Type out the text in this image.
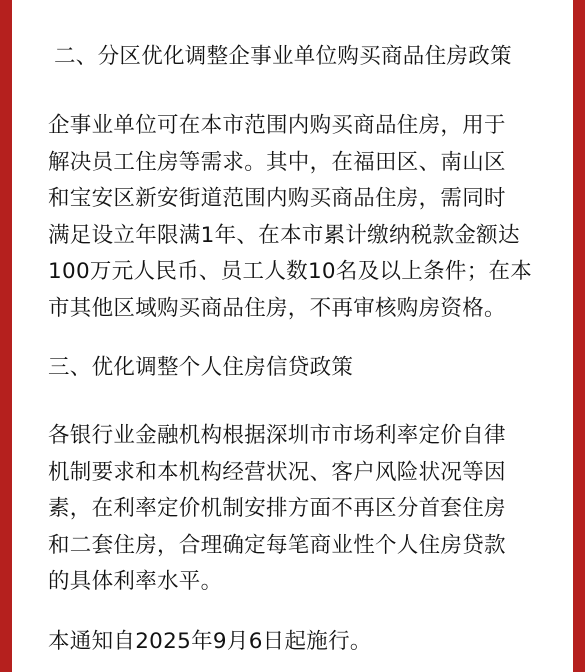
二、分区优化调整企事业单位购买商品住房政策
企事业单位可在本市范围内购买商品住房，用于
解决员工住房等需求。其中，在福田区、南山区
和宝安区新安街道范围内购买商品住房，需同时
满足设立年限满1年、在本市累计缴纳税款金额达
100万元人民币、员工人数10名及以上条件；在本
市其他区域购买商品住房，不再审核购房资格。
三、优化调整个人住房信贷政策
各银行业金融机构根据深圳市市场利率定价自律
机制要求和本机构经营状况、客户风险状况等因
素，在利率定价机制安排方面不再区分首套住房
和二套住房，合理确定每笔商业性个人住房贷款
的具体利率水平。
本通知自2025年9月6日起施行。
